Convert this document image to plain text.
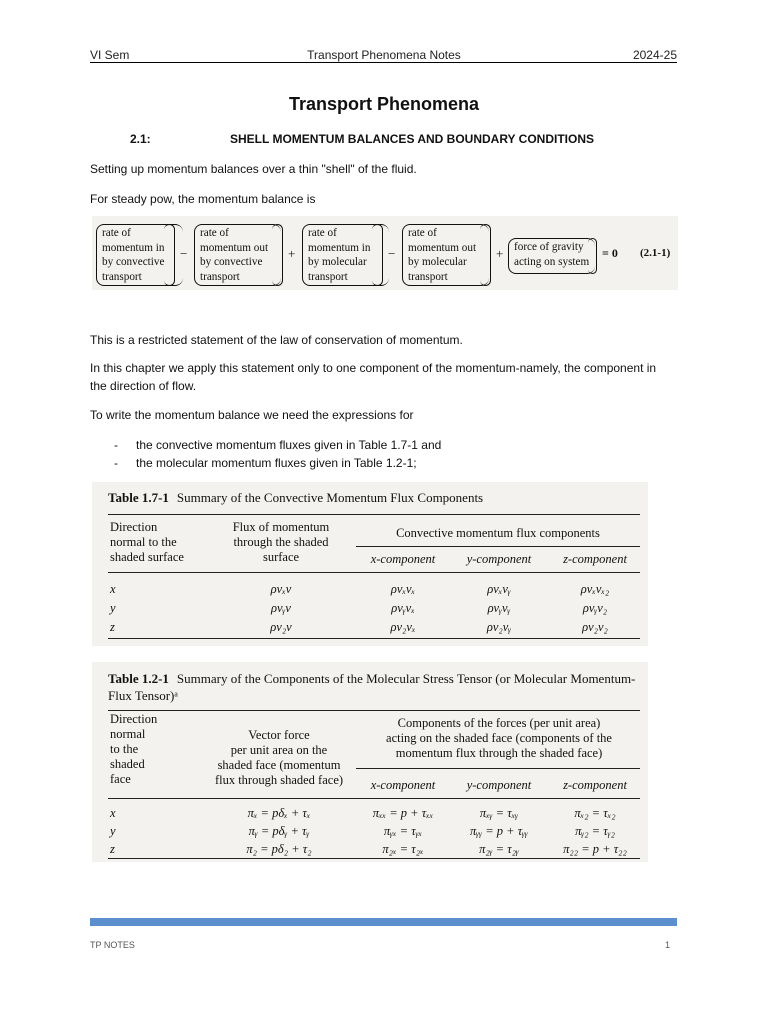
VI Sem	Transport Phenomena Notes	2024-25
Transport Phenomena
2.1:	SHELL MOMENTUM BALANCES AND BOUNDARY CONDITIONS
Setting up momentum balances over a thin "shell" of the fluid.
For steady pow, the momentum balance is
rate of
momentum in
by convective
transport
−
rate of
momentum out
by convective
transport
+
rate of
momentum in
by molecular
transport
−
rate of
momentum out
by molecular
transport
+ force of gravity
acting on system
= 0 (2.1-1)
This is a restricted statement of the law of conservation of momentum.
In this chapter we apply this statement only to one component of the momentum-namely, the component in the direction of flow.
To write the momentum balance we need the expressions for
- the convective momentum fluxes given in Table 1.7-1 and
- the molecular momentum fluxes given in Table 1.2-1;
Table 1.7-1 Summary of the Convective Momentum Flux Components
Direction
normal to the
shaded surface
Flux of momentum
through the shaded
surface
Convective momentum flux components
x-component	y-component	z-component
x	ρvₓv	ρvₓvₓ	ρvₓvᵧ	ρvₓvₓ₂
y	ρvᵧv	ρvᵧvₓ	ρvᵧvᵧ	ρvᵧv₂
z	ρv₂v	ρv₂vₓ	ρv₂vᵧ	ρv₂v₂
Table 1.2-1 Summary of the Components of the Molecular Stress Tensor (or Molecular Momentum-Flux Tensor)ᵃ
Direction
normal
to the
shaded
face
Vector force
per unit area on the
shaded face (momentum
flux through shaded face)
Components of the forces (per unit area)
acting on the shaded face (components of the
momentum flux through the shaded face)
x-component	y-component	z-component
x	πₓ = pδₓ + τₓ	πₓₓ = p + τₓₓ	πₓᵧ = τₓᵧ	πₓ₂ = τₓ₂
y	πᵧ = pδᵧ + τᵧ	πᵧₓ = τᵧₓ	πᵧᵧ = p + τᵧᵧ	πᵧ₂ = τᵧ₂
z	π₂ = pδ₂ + τ₂	π₂ₓ = τ₂ₓ	π₂ᵧ = τ₂ᵧ	π₂₂ = p + τ₂₂
TP NOTES	1
